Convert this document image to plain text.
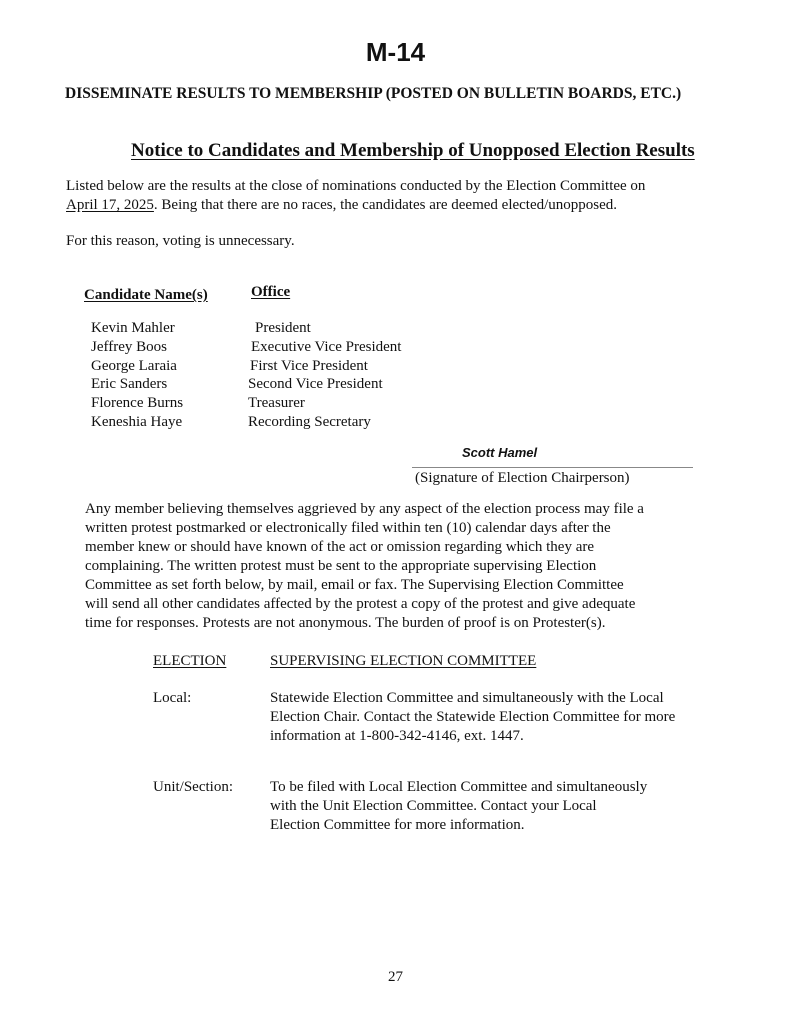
M-14
DISSEMINATE RESULTS TO MEMBERSHIP (POSTED ON BULLETIN BOARDS, ETC.)
Notice to Candidates and Membership of Unopposed Election Results
Listed below are the results at the close of nominations conducted by the Election Committee on
April 17, 2025. Being that there are no races, the candidates are deemed elected/unopposed.
For this reason, voting is unnecessary.
Candidate Name(s)	Office
Kevin Mahler	President
Jeffrey Boos	Executive Vice President
George Laraia	First Vice President
Eric Sanders	Second Vice President
Florence Burns	Treasurer
Keneshia Haye	Recording Secretary
Scott Hamel
(Signature of Election Chairperson)
Any member believing themselves aggrieved by any aspect of the election process may file a
written protest postmarked or electronically filed within ten (10) calendar days after the
member knew or should have known of the act or omission regarding which they are
complaining. The written protest must be sent to the appropriate supervising Election
Committee as set forth below, by mail, email or fax. The Supervising Election Committee
will send all other candidates affected by the protest a copy of the protest and give adequate
time for responses. Protests are not anonymous. The burden of proof is on Protester(s).
ELECTION	SUPERVISING ELECTION COMMITTEE
Local:	Statewide Election Committee and simultaneously with the Local
Election Chair. Contact the Statewide Election Committee for more
information at 1-800-342-4146, ext. 1447.
Unit/Section: To be filed with Local Election Committee and simultaneously
with the Unit Election Committee. Contact your Local
Election Committee for more information.
27
